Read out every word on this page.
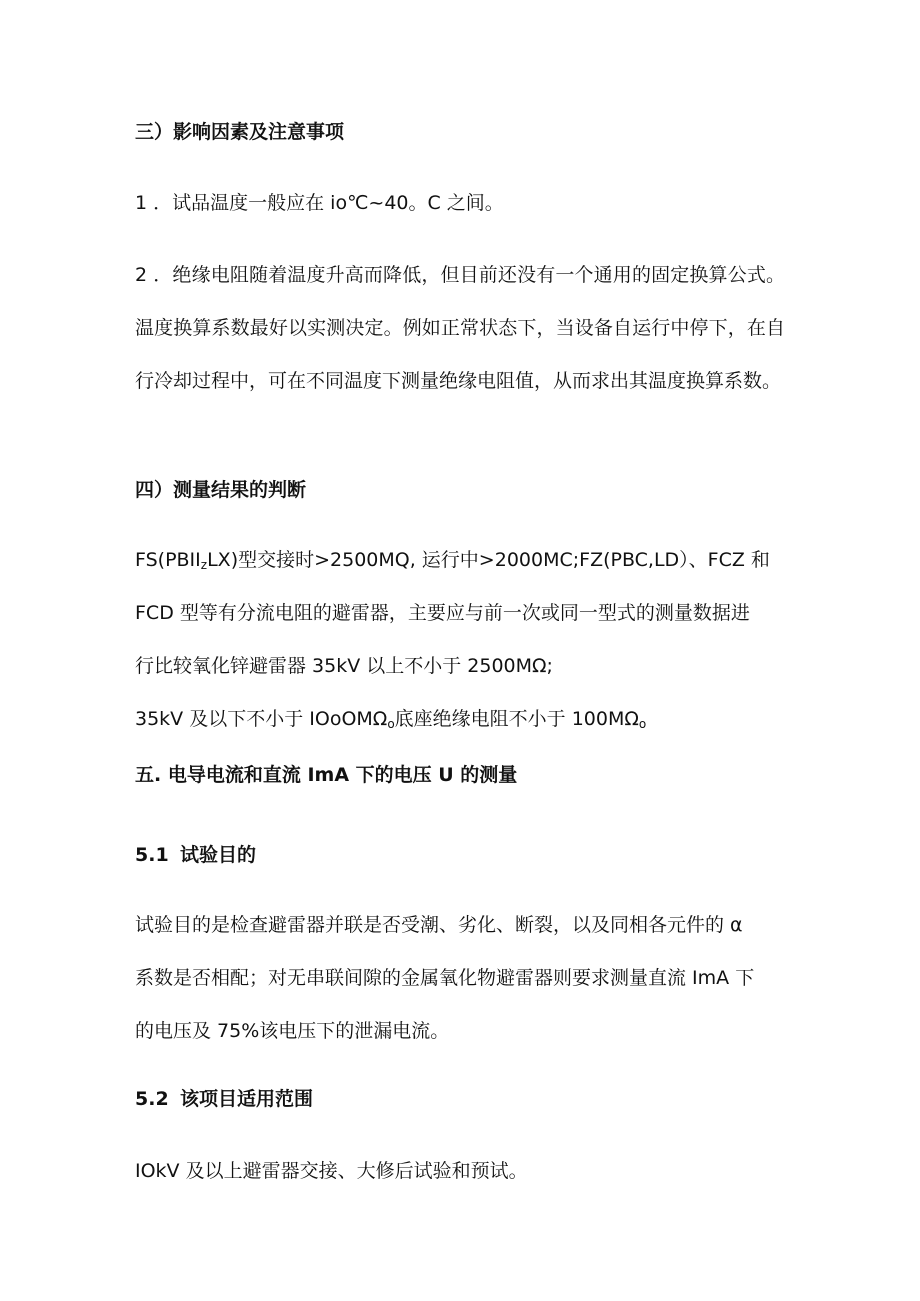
三）影响因素及注意事项

1 ．试品温度一般应在 io℃~40。C 之间。

2 ．绝缘电阻随着温度升高而降低，但目前还没有一个通用的固定换算公式。温度换算系数最好以实测决定。例如正常状态下，当设备自运行中停下，在自行冷却过程中，可在不同温度下测量绝缘电阻值，从而求出其温度换算系数。

四）测量结果的判断

$FS(PBII_zLX)$型交接时>2500MQ, 运行中>2000MC;FZ(PBC,LD）、FCZ 和
FCD 型等有分流电阻的避雷器，主要应与前一次或同一型式的测量数据进
行比较氧化锌避雷器 35kV 以上不小于 2500MΩ;
35kV 及以下不小于 IOoOMΩ$_o$底座绝缘电阻不小于 $100M\Omega_o$

五. 电导电流和直流 ImA 下的电压 U 的测量

5.1 试验目的

试验目的是检查避雷器并联是否受潮、劣化、断裂，以及同相各元件的 α
系数是否相配；对无串联间隙的金属氧化物避雷器则要求测量直流 ImA 下
的电压及 75%该电压下的泄漏电流。

5.2 该项目适用范围

IOkV 及以上避雷器交接、大修后试验和预试。
